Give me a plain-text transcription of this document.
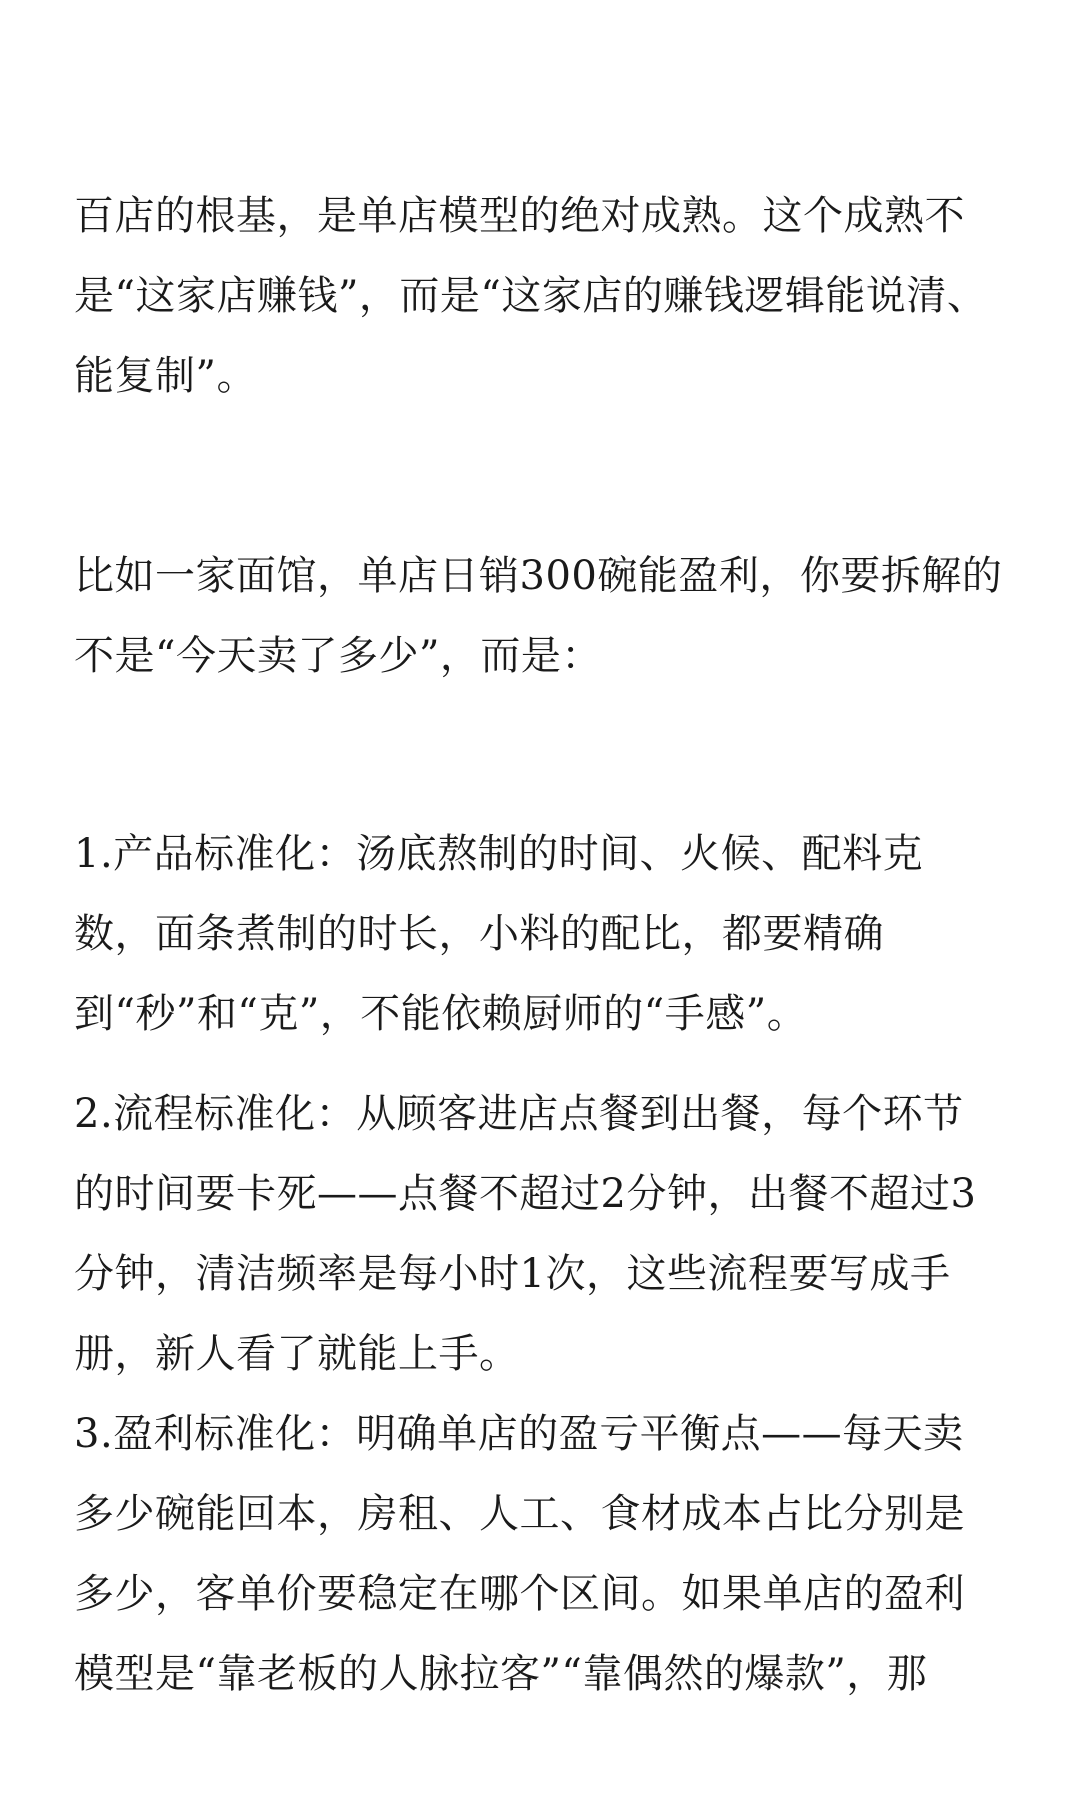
百店的根基，是单店模型的绝对成熟。这个成熟不是“这家店赚钱”，而是“这家店的赚钱逻辑能说清、能复制”。

比如一家面馆，单店日销300碗能盈利，你要拆解的不是“今天卖了多少”，而是：

1.产品标准化：汤底熬制的时间、火候、配料克数，面条煮制的时长，小料的配比，都要精确到“秒”和“克”，不能依赖厨师的“手感”。

2.流程标准化：从顾客进店点餐到出餐，每个环节的时间要卡死——点餐不超过2分钟，出餐不超过3分钟，清洁频率是每小时1次，这些流程要写成手册，新人看了就能上手。

3.盈利标准化：明确单店的盈亏平衡点——每天卖多少碗能回本，房租、人工、食材成本占比分别是多少，客单价要稳定在哪个区间。如果单店的盈利模型是“靠老板的人脉拉客”“靠偶然的爆款”，那
